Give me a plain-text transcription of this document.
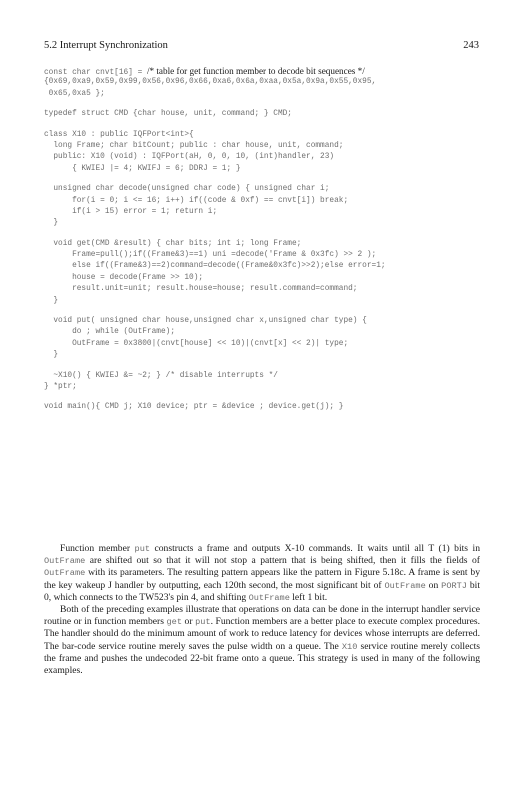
5.2 Interrupt Synchronization	243
const char cnvt[16] = /* table for get function member to decode bit sequences */
{0x69,0xa9,0x59,0x99,0x56,0x96,0x66,0xa6,0x6a,0xaa,0x5a,0x9a,0x55,0x95,
0x65,0xa5 };
typedef struct CMD {char house, unit, command; } CMD;
class X10 : public IQFPort<int>{
long Frame; char bitCount; public : char house, unit, command;
public: X10 (void) : IQFPort(aH, 0, 0, 10, (int)handler, 23)
{ KWIEJ |= 4; KWIFJ = 6; DDRJ = 1; }
unsigned char decode(unsigned char code) { unsigned char i;
for(i = 0; i <= 16; i++) if((code & 0xf) == cnvt[i]) break;
if(i > 15) error = 1; return i;
}
void get(CMD &result) { char bits; int i; long Frame;
Frame=pull();if((Frame&3)==1) uni =decode('Frame & 0x3fc) >> 2 );
else if((Frame&3)==2)command=decode((Frame&0x3fc)>>2);else error=1;
house = decode(Frame >> 10);
result.unit=unit; result.house=house; result.command=command;
}
void put( unsigned char house,unsigned char x,unsigned char type) {
do ; while (OutFrame);
OutFrame = 0x3800|(cnvt[house] << 10)|(cnvt[x] << 2)| type;
}
~X10() { KWIEJ &= ~2; } /* disable interrupts */
} *ptr;
void main(){ CMD j; X10 device; ptr = &device ; device.get(j); }

Function member put constructs a frame and outputs X-10 commands. It waits until all T (1) bits in OutFrame are shifted out so that it will not stop a pattern that is being shifted, then it fills the fields of OutFrame with its parameters. The resulting pattern appears like the pattern in Figure 5.18c. A frame is sent by the key wakeup J handler by outputting, each 120th second, the most significant bit of OutFrame on PORTJ bit 0, which connects to the TW523's pin 4, and shifting OutFrame left 1 bit.

Both of the preceding examples illustrate that operations on data can be done in the interrupt handler service routine or in function members get or put. Function members are a better place to execute complex procedures. The handler should do the minimum amount of work to reduce latency for devices whose interrupts are deferred. The bar-code service routine merely saves the pulse width on a queue. The X10 service routine merely collects the frame and pushes the undecoded 22-bit frame onto a queue. This strategy is used in many of the following examples.
